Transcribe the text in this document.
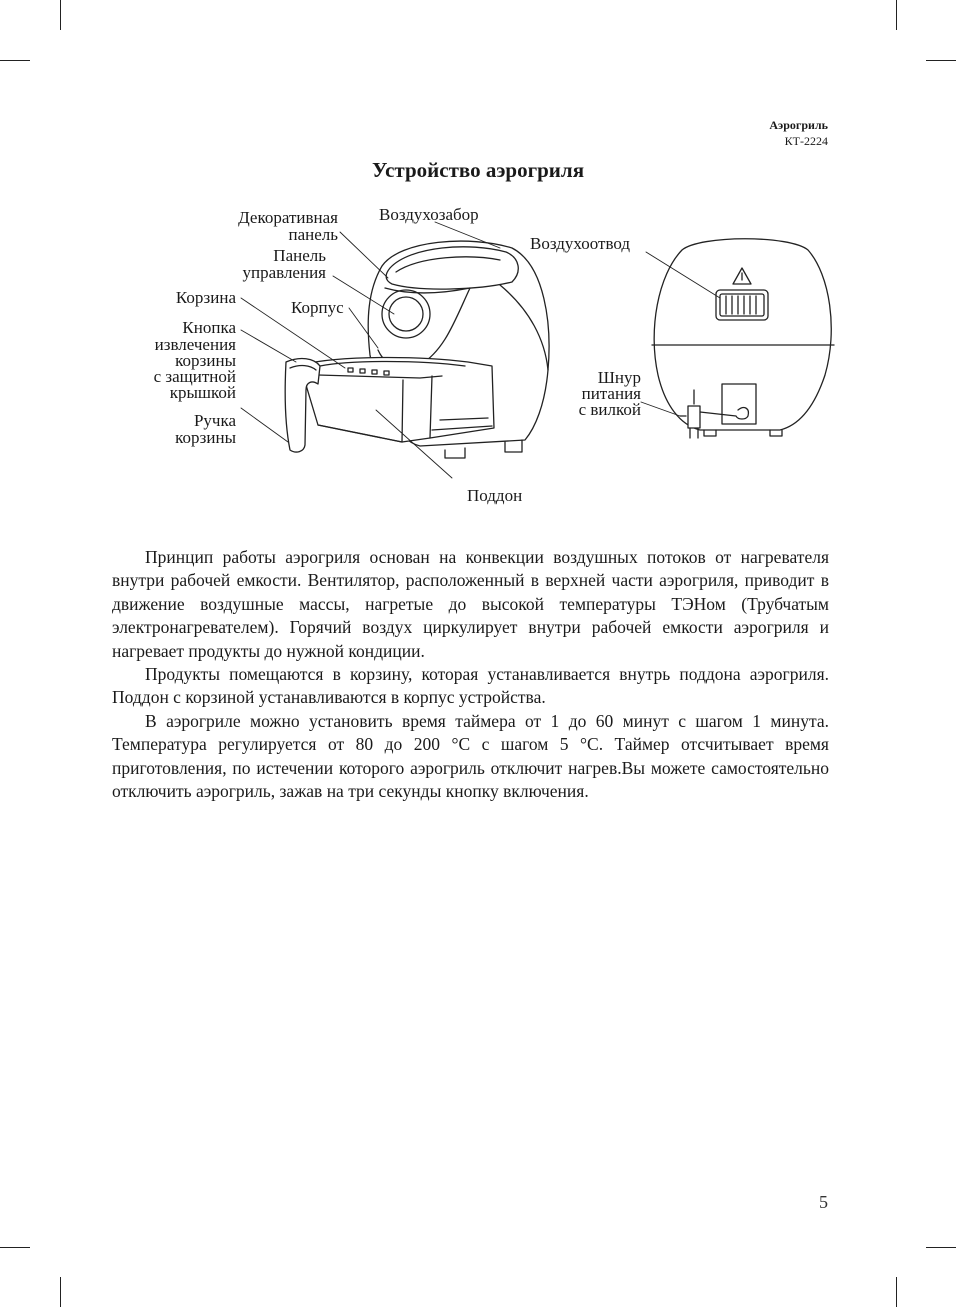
Аэрогриль
КТ-2224
Устройство аэрогриля
Декоративная
панель
Воздухозабор
Воздухоотвод
Панель
управления
Корзина
Корпус
Кнопка
извлечения
корзины
с защитной
крышкой
Ручка
корзины
Шнур
питания
с вилкой
Поддон

Принцип работы аэрогриля основан на конвекции воздушных потоков от нагревателя внутри рабочей емкости. Вентилятор, расположенный в верхней части аэрогриля, приводит в движение воздушные массы, нагретые до высокой температуры ТЭНом (Трубчатым электронагревателем). Горячий воздух циркулирует внутри рабочей емкости аэрогриля и нагревает продукты до нужной кондиции.

Продукты помещаются в корзину, которая устанавливается внутрь поддона аэрогриля. Поддон с корзиной устанавливаются в корпус устройства.

В аэрогриле можно установить время таймера от 1 до 60 минут с шагом 1 минута. Температура регулируется от 80 до 200 °С с шагом 5 °С. Таймер отсчитывает время приготовления, по истечении которого аэрогриль отключит нагрев.Вы можете самостоятельно отключить аэрогриль, зажав на три секунды кнопку включения.

5
